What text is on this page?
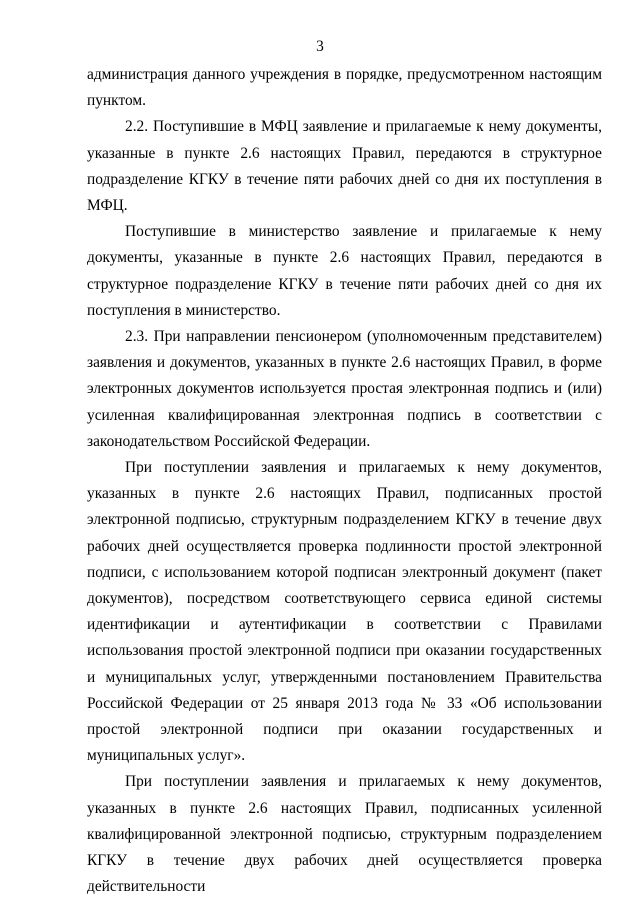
3

администрация данного учреждения в порядке, предусмотренном настоящим пунктом.

2.2. Поступившие в МФЦ заявление и прилагаемые к нему документы, указанные в пункте 2.6 настоящих Правил, передаются в структурное подразделение КГКУ в течение пяти рабочих дней со дня их поступления в МФЦ.

Поступившие в министерство заявление и прилагаемые к нему документы, указанные в пункте 2.6 настоящих Правил, передаются в структурное подразделение КГКУ в течение пяти рабочих дней со дня их поступления в министерство.

2.3. При направлении пенсионером (уполномоченным представителем) заявления и документов, указанных в пункте 2.6 настоящих Правил, в форме электронных документов используется простая электронная подпись и (или) усиленная квалифицированная электронная подпись в соответствии с законодательством Российской Федерации.

При поступлении заявления и прилагаемых к нему документов, указанных в пункте 2.6 настоящих Правил, подписанных простой электронной подписью, структурным подразделением КГКУ в течение двух рабочих дней осуществляется проверка подлинности простой электронной подписи, с использованием которой подписан электронный документ (пакет документов), посредством соответствующего сервиса единой системы идентификации и аутентификации в соответствии с Правилами использования простой электронной подписи при оказании государственных и муниципальных услуг, утвержденными постановлением Правительства Российской Федерации от 25 января 2013 года № 33 «Об использовании простой электронной подписи при оказании государственных и муниципальных услуг».

При поступлении заявления и прилагаемых к нему документов, указанных в пункте 2.6 настоящих Правил, подписанных усиленной квалифицированной электронной подписью, структурным подразделением КГКУ в течение двух рабочих дней осуществляется проверка действительности
